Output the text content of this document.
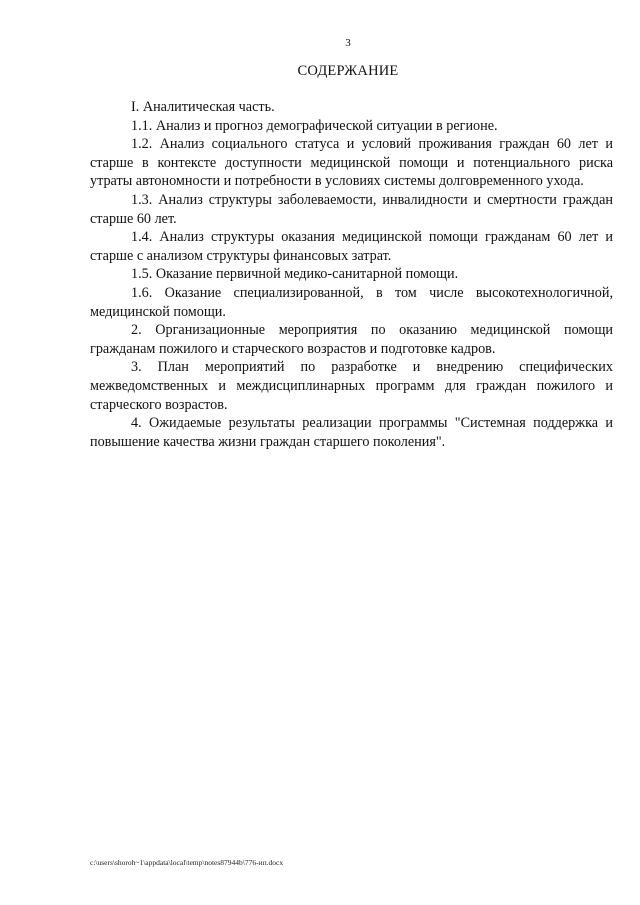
3
СОДЕРЖАНИЕ

I. Аналитическая часть.

1.1. Анализ и прогноз демографической ситуации в регионе.

1.2. Анализ социального статуса и условий проживания граждан 60 лет и старше в контексте доступности медицинской помощи и потенциального риска утраты автономности и потребности в условиях системы долговременного ухода.

1.3. Анализ структуры заболеваемости, инвалидности и смертности граждан старше 60 лет.

1.4. Анализ структуры оказания медицинской помощи гражданам 60 лет и старше с анализом структуры финансовых затрат.

1.5. Оказание первичной медико-санитарной помощи.

1.6. Оказание специализированной, в том числе высокотехнологичной, медицинской помощи.

2. Организационные мероприятия по оказанию медицинской помощи гражданам пожилого и старческого возрастов и подготовке кадров.

3. План мероприятий по разработке и внедрению специфических межведомственных и междисциплинарных программ для граждан пожилого и старческого возрастов.

4. Ожидаемые результаты реализации программы "Системная поддержка и повышение качества жизни граждан старшего поколения".

c:\users\shoroh~1\appdata\local\temp\notes87944b\776-ип.docx
